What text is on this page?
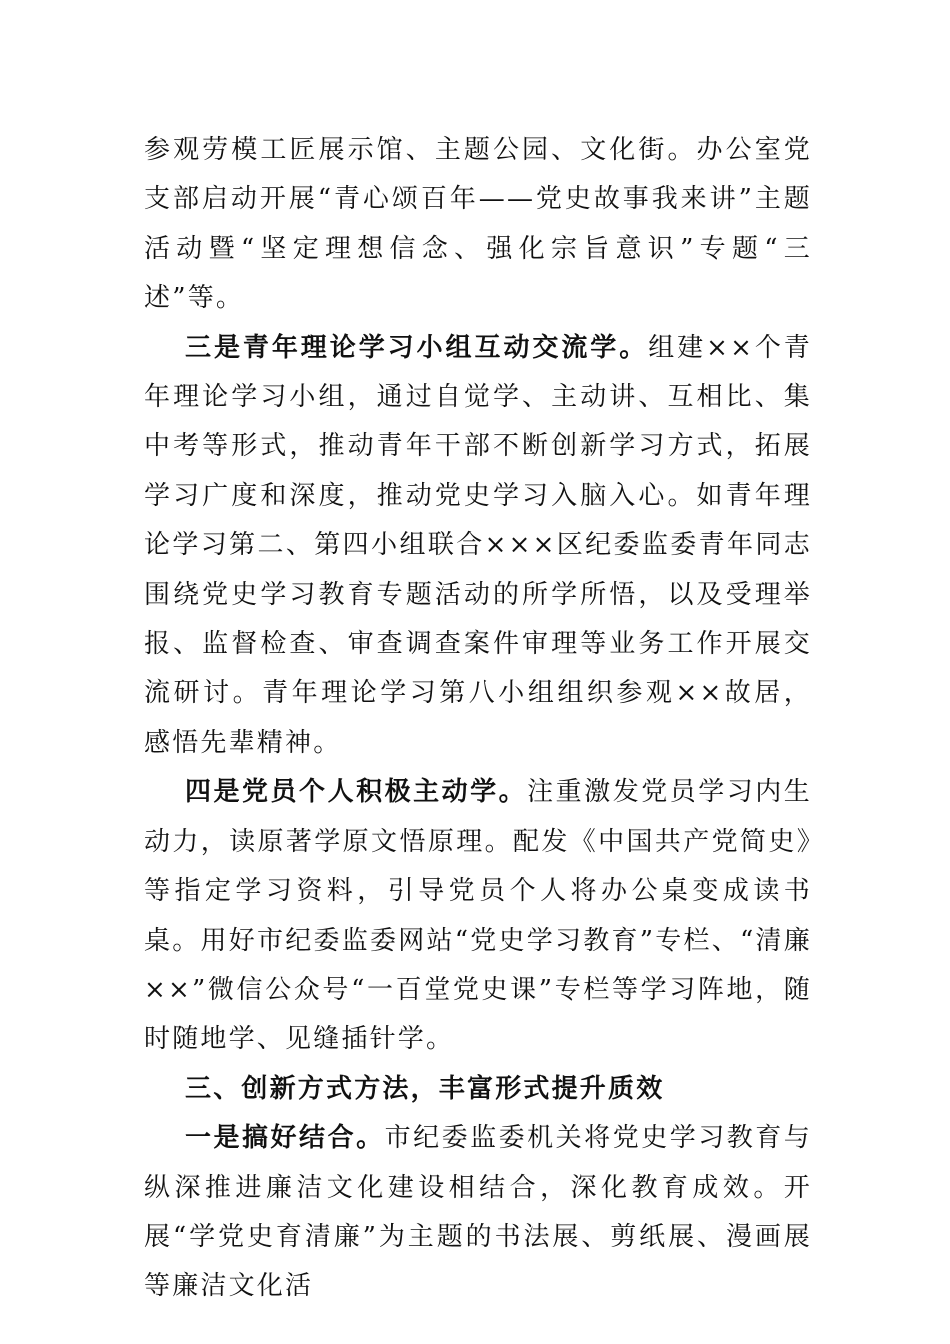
参观劳模工匠展示馆、主题公园、文化街。办公室党支部启动开展“青心颂百年——党史故事我来讲”主题活动暨“坚定理想信念、强化宗旨意识”专题“三述”等。

三是青年理论学习小组互动交流学。组建××个青年理论学习小组，通过自觉学、主动讲、互相比、集中考等形式，推动青年干部不断创新学习方式，拓展学习广度和深度，推动党史学习入脑入心。如青年理论学习第二、第四小组联合×××区纪委监委青年同志围绕党史学习教育专题活动的所学所悟，以及受理举报、监督检查、审查调查案件审理等业务工作开展交流研讨。青年理论学习第八小组组织参观××故居，感悟先辈精神。

四是党员个人积极主动学。注重激发党员学习内生动力，读原著学原文悟原理。配发《中国共产党简史》等指定学习资料，引导党员个人将办公桌变成读书桌。用好市纪委监委网站“党史学习教育”专栏、“清廉××”微信公众号“一百堂党史课”专栏等学习阵地，随时随地学、见缝插针学。

三、创新方式方法，丰富形式提升质效

一是搞好结合。市纪委监委机关将党史学习教育与纵深推进廉洁文化建设相结合，深化教育成效。开展“学党史育清廉”为主题的书法展、剪纸展、漫画展等廉洁文化活
